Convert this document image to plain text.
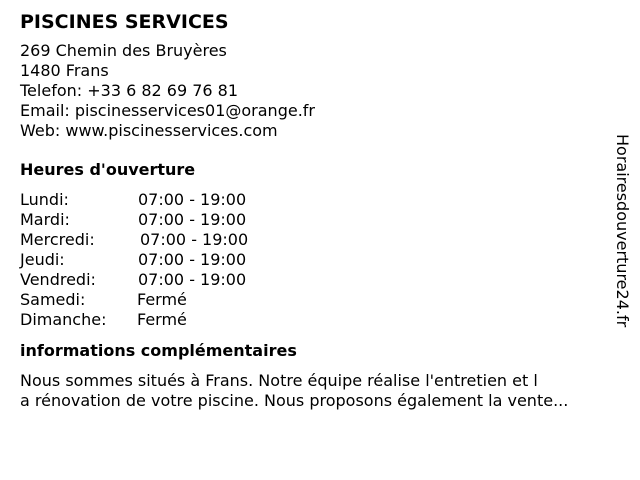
PISCINES SERVICES
269 Chemin des Bruyères
1480 Frans
Telefon: +33 6 82 69 76 81
Email: piscinesservices01@orange.fr
Web: www.piscinesservices.com
Heures d'ouverture
Lundi:	07:00 - 19:00
Mardi:	07:00 - 19:00
Mercredi:	07:00 - 19:00
Jeudi:	07:00 - 19:00
Vendredi:	07:00 - 19:00
Samedi:	Fermé
Dimanche:	Fermé
informations complémentaires
Nous sommes situés à Frans. Notre équipe réalise l'entretien et l
a rénovation de votre piscine. Nous proposons également la vente...
Horairesdouverture24.fr
